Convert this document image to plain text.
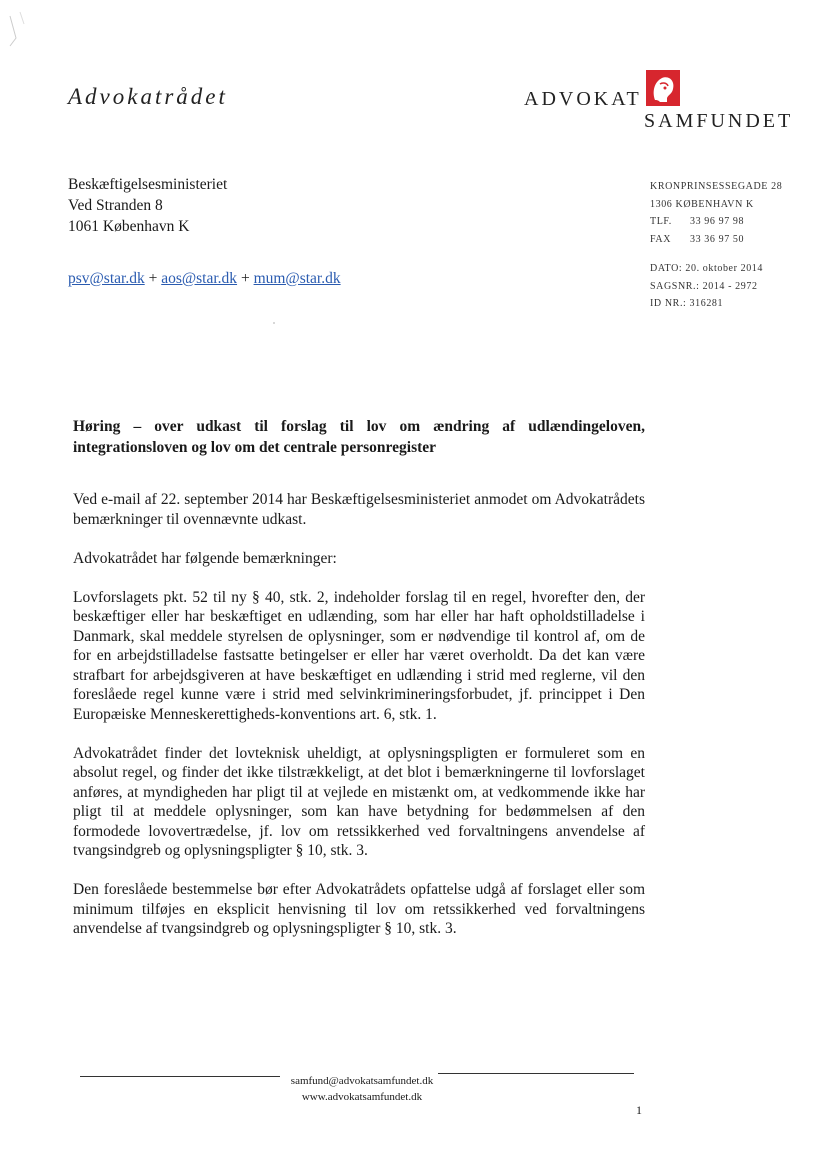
Advokatrådet	ADVOKAT
SAMFUNDET
Beskæftigelsesministeriet
Ved Stranden 8
1061 København K
psv@star.dk + aos@star.dk + mum@star.dk
KRONPRINSESSEGADE 28
1306 KØBENHAVN K
TLF.	33 96 97 98
FAX	33 36 97 50
DATO: 20. oktober 2014
SAGSNR.: 2014 - 2972
ID NR.: 316281
Høring – over udkast til forslag til lov om ændring af udlændingeloven, integrationsloven og lov om det centrale personregister

Ved e-mail af 22. september 2014 har Beskæftigelsesministeriet anmodet om Advokatrådets bemærkninger til ovennævnte udkast.

Advokatrådet har følgende bemærkninger:

Lovforslagets pkt. 52 til ny § 40, stk. 2, indeholder forslag til en regel, hvorefter den, der beskæftiger eller har beskæftiget en udlænding, som har eller har haft opholdstilladelse i Danmark, skal meddele styrelsen de oplysninger, som er nødvendige til kontrol af, om de for en arbejdstilladelse fastsatte betingelser er eller har været overholdt. Da det kan være strafbart for arbejdsgiveren at have beskæftiget en udlænding i strid med reglerne, vil den foreslåede regel kunne være i strid med selvinkrimineringsforbudet, jf. princippet i Den Europæiske Menneskerettigheds-konventions art. 6, stk. 1.

Advokatrådet finder det lovteknisk uheldigt, at oplysningspligten er formuleret som en absolut regel, og finder det ikke tilstrækkeligt, at det blot i bemærkningerne til lovforslaget anføres, at myndigheden har pligt til at vejlede en mistænkt om, at vedkommende ikke har pligt til at meddele oplysninger, som kan have betydning for bedømmelsen af den formodede lovovertrædelse, jf. lov om retssikkerhed ved forvaltningens anvendelse af tvangsindgreb og oplysningspligter § 10, stk. 3.

Den foreslåede bestemmelse bør efter Advokatrådets opfattelse udgå af forslaget eller som minimum tilføjes en eksplicit henvisning til lov om retssikkerhed ved forvaltningens anvendelse af tvangsindgreb og oplysningspligter § 10, stk. 3.

samfund@advokatsamfundet.dk
www.advokatsamfundet.dk
1
